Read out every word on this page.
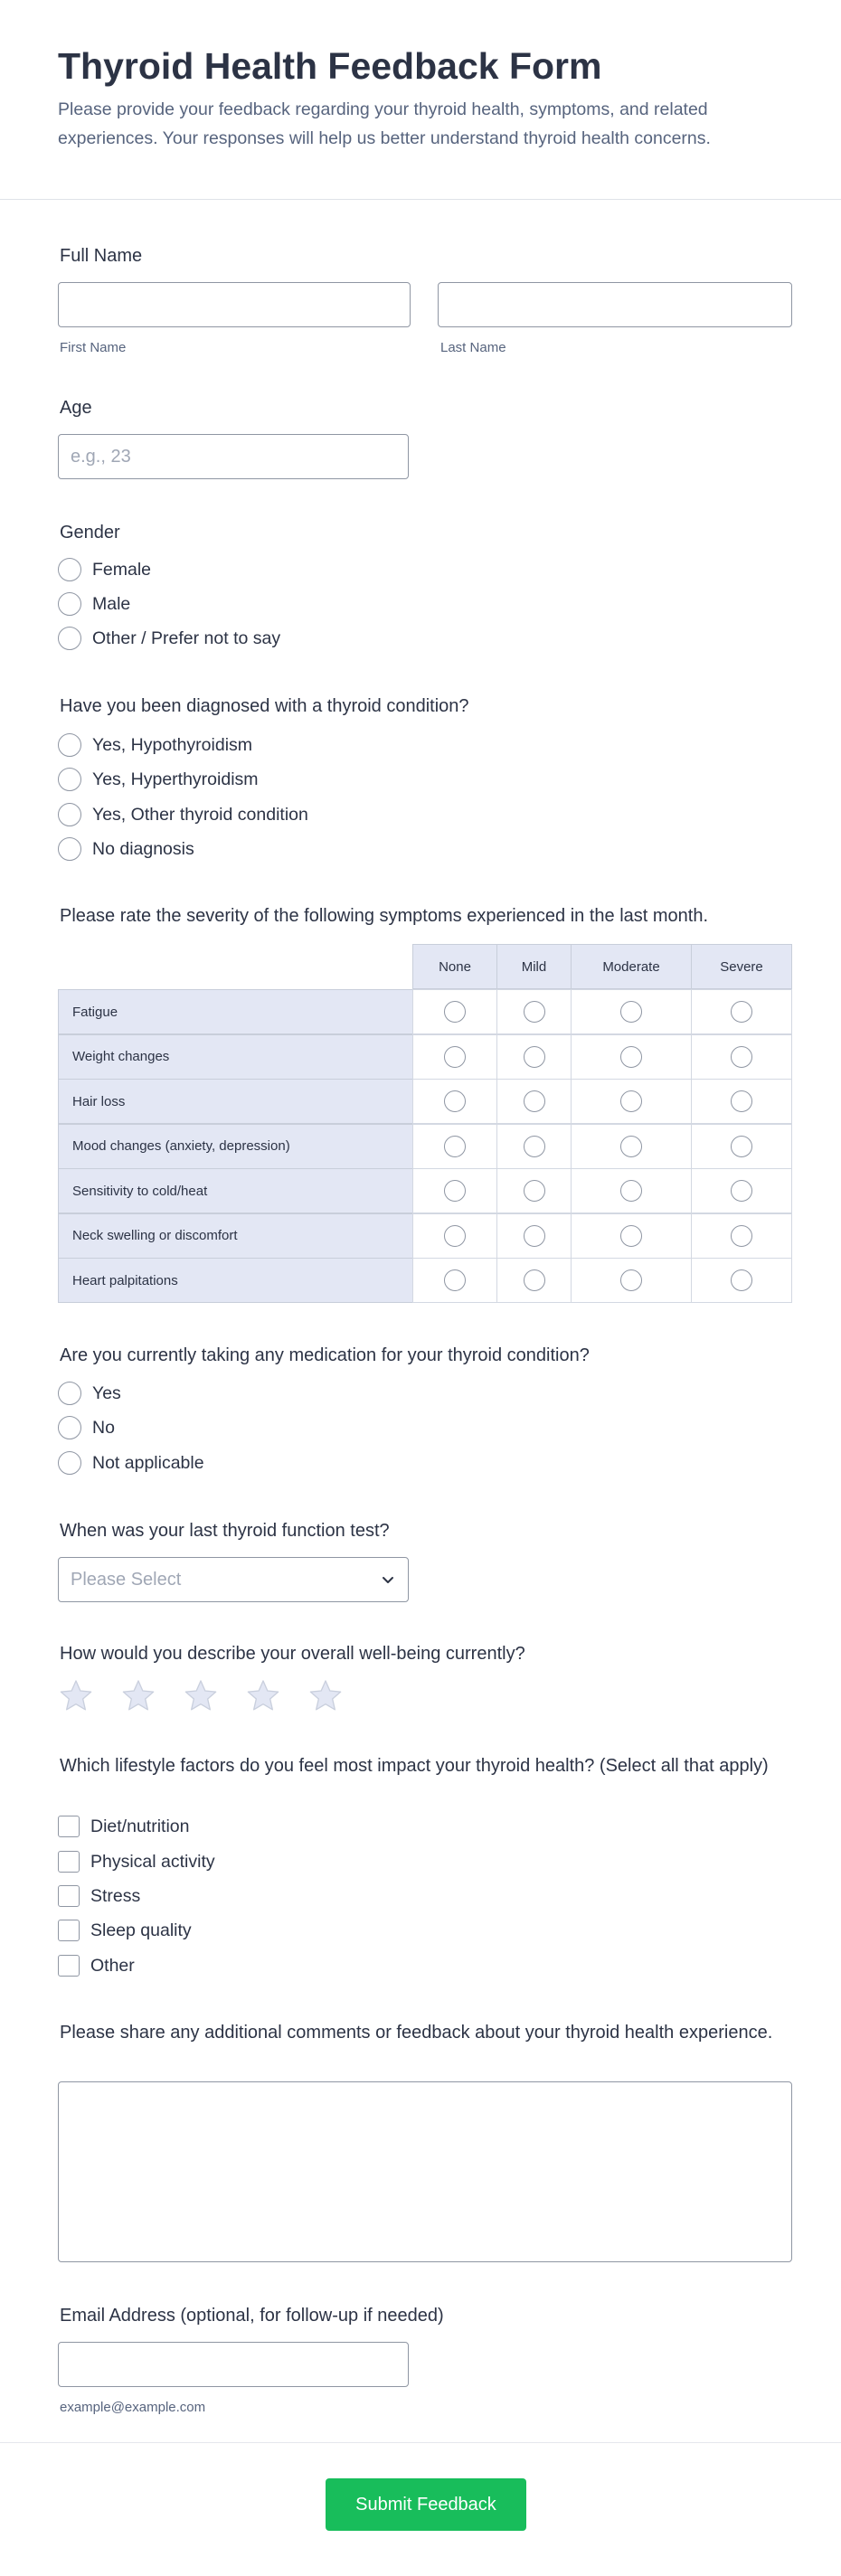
Thyroid Health Feedback Form

Please provide your feedback regarding your thyroid health, symptoms, and related experiences. Your responses will help us better understand thyroid health concerns.

Full Name
First Name	Last Name
Age
e.g., 23
Gender
Female
Male
Other / Prefer not to say
Have you been diagnosed with a thyroid condition?
Yes, Hypothyroidism
Yes, Hyperthyroidism
Yes, Other thyroid condition
No diagnosis
Please rate the severity of the following symptoms experienced in the last month.
None	Mild	Moderate	Severe
Fatigue
Weight changes
Hair loss
Mood changes (anxiety, depression)
Sensitivity to cold/heat
Neck swelling or discomfort
Heart palpitations
Are you currently taking any medication for your thyroid condition?
Yes
No
Not applicable
When was your last thyroid function test?
Please Select
How would you describe your overall well-being currently?
Which lifestyle factors do you feel most impact your thyroid health? (Select all that apply)
Diet/nutrition
Physical activity
Stress
Sleep quality
Other
Please share any additional comments or feedback about your thyroid health experience.
Email Address (optional, for follow-up if needed)
example@example.com
Submit Feedback
